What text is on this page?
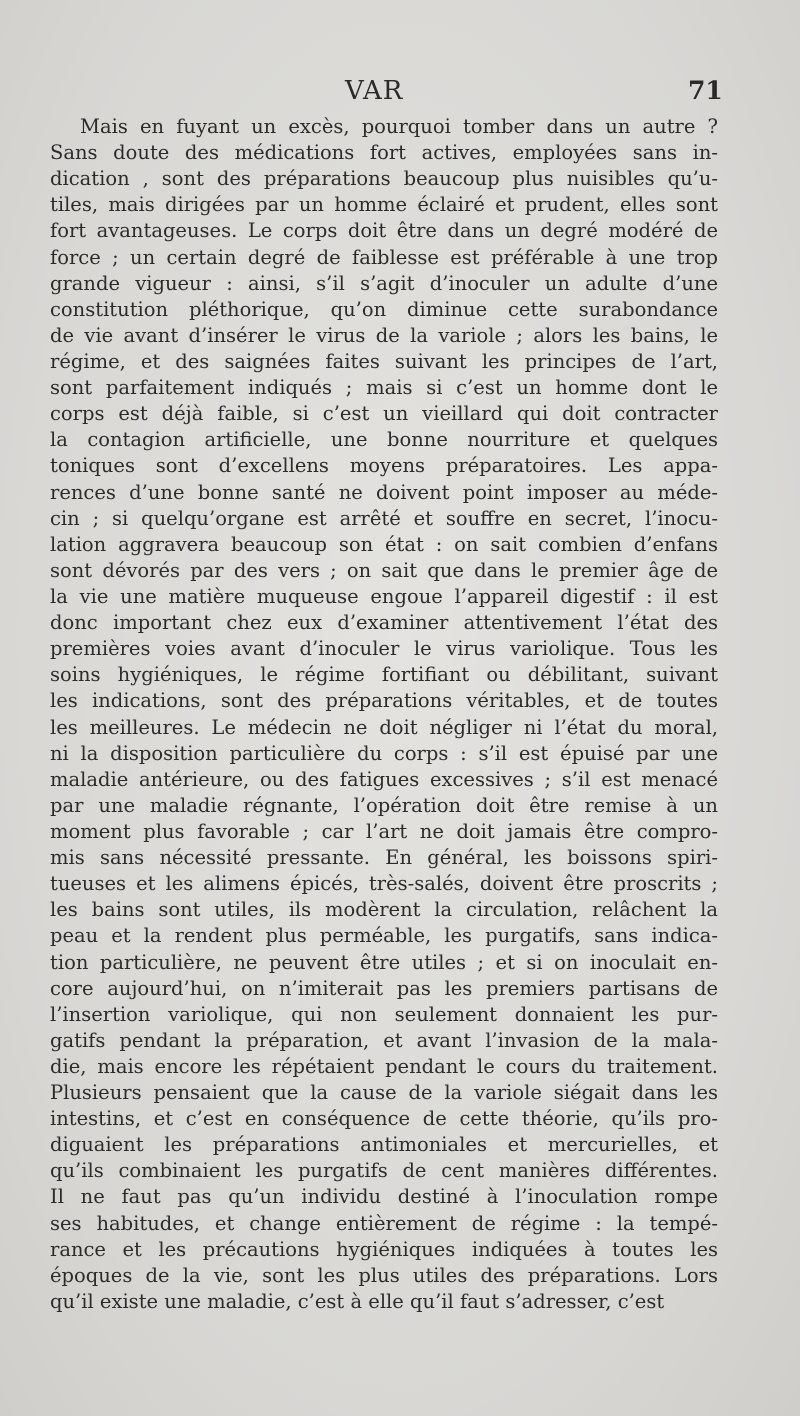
VAR	71
Mais en fuyant un excès, pourquoi tomber dans un autre ?
Sans doute des médications fort actives, employées sans in-
dication , sont des préparations beaucoup plus nuisibles qu’u-
tiles, mais dirigées par un homme éclairé et prudent, elles sont
fort avantageuses. Le corps doit être dans un degré modéré de
force ; un certain degré de faiblesse est préférable à une trop
grande vigueur : ainsi, s’il s’agit d’inoculer un adulte d’une
constitution pléthorique, qu’on diminue cette surabondance
de vie avant d’insérer le virus de la variole ; alors les bains, le
régime, et des saignées faites suivant les principes de l’art,
sont parfaitement indiqués ; mais si c’est un homme dont le
corps est déjà faible, si c’est un vieillard qui doit contracter
la contagion artificielle, une bonne nourriture et quelques
toniques sont d’excellens moyens préparatoires. Les appa-
rences d’une bonne santé ne doivent point imposer au méde-
cin ; si quelqu’organe est arrêté et souffre en secret, l’inocu-
lation aggravera beaucoup son état : on sait combien d’enfans
sont dévorés par des vers ; on sait que dans le premier âge de
la vie une matière muqueuse engoue l’appareil digestif : il est
donc important chez eux d’examiner attentivement l’état des
premières voies avant d’inoculer le virus variolique. Tous les
soins hygiéniques, le régime fortifiant ou débilitant, suivant
les indications, sont des préparations véritables, et de toutes
les meilleures. Le médecin ne doit négliger ni l’état du moral,
ni la disposition particulière du corps : s’il est épuisé par une
maladie antérieure, ou des fatigues excessives ; s’il est menacé
par une maladie régnante, l’opération doit être remise à un
moment plus favorable ; car l’art ne doit jamais être compro-
mis sans nécessité pressante. En général, les boissons spiri-
tueuses et les alimens épicés, très-salés, doivent être proscrits ;
les bains sont utiles, ils modèrent la circulation, relâchent la
peau et la rendent plus perméable, les purgatifs, sans indica-
tion particulière, ne peuvent être utiles ; et si on inoculait en-
core aujourd’hui, on n’imiterait pas les premiers partisans de
l’insertion variolique, qui non seulement donnaient les pur-
gatifs pendant la préparation, et avant l’invasion de la mala-
die, mais encore les répétaient pendant le cours du traitement.
Plusieurs pensaient que la cause de la variole siégait dans les
intestins, et c’est en conséquence de cette théorie, qu’ils pro-
diguaient les préparations antimoniales et mercurielles, et
qu’ils combinaient les purgatifs de cent manières différentes.
Il ne faut pas qu’un individu destiné à l’inoculation rompe
ses habitudes, et change entièrement de régime : la tempé-
rance et les précautions hygiéniques indiquées à toutes les
époques de la vie, sont les plus utiles des préparations. Lors
qu’il existe une maladie, c’est à elle qu’il faut s’adresser, c’est
